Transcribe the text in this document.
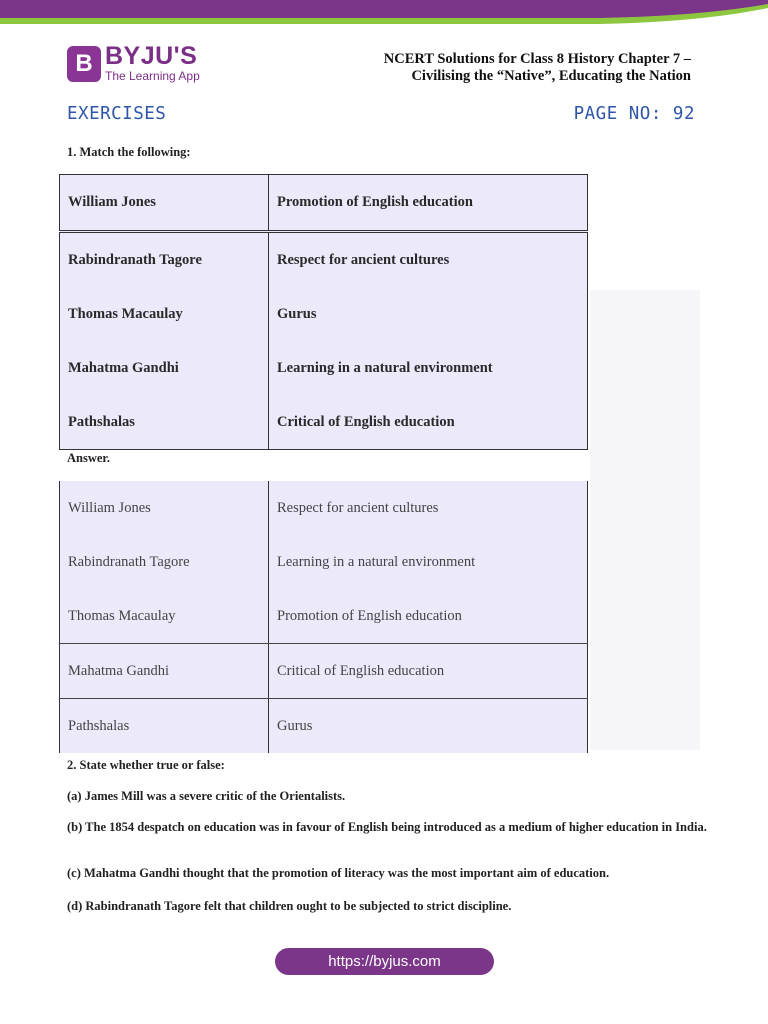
B BYJU'S
The Learning App
NCERT Solutions for Class 8 History Chapter 7 –
Civilising the “Native”, Educating the Nation
EXERCISES	PAGE NO: 92
1. Match the following:
William Jones	Promotion of English education
Rabindranath Tagore	Respect for ancient cultures
Thomas Macaulay	Gurus
Mahatma Gandhi	Learning in a natural environment
Pathshalas	Critical of English education
Answer.
William Jones	Respect for ancient cultures
Rabindranath Tagore	Learning in a natural environment
Thomas Macaulay	Promotion of English education
Mahatma Gandhi	Critical of English education
Pathshalas	Gurus
2. State whether true or false:
(a) James Mill was a severe critic of the Orientalists.
(b) The 1854 despatch on education was in favour of English being introduced as a medium of higher education in India.
(c) Mahatma Gandhi thought that the promotion of literacy was the most important aim of education.
(d) Rabindranath Tagore felt that children ought to be subjected to strict discipline.
https://byjus.com
